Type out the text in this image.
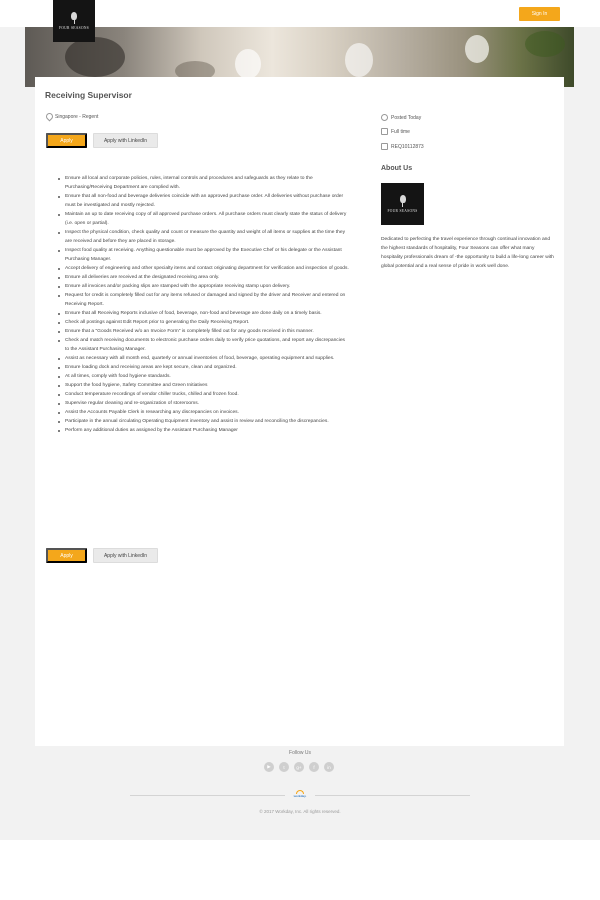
FOUR SEASONS
Sign In
Receiving Supervisor
Singapore - Regent
Apply	Apply with LinkedIn
Ensure all local and corporate policies, rules, internal controls and procedures and safeguards as they relate to the Purchasing/Receiving Department are complied with.
Ensure that all non-food and beverage deliveries coincide with an approved purchase order. All deliveries without purchase order must be investigated and mostly rejected.
Maintain an up to date receiving copy of all approved purchase orders. All purchase orders must clearly state the status of delivery (i.e. open or partial).
Inspect the physical condition, check quality and count or measure the quantity and weight of all items or supplies at the time they are received and before they are placed in storage.
Inspect food quality at receiving. Anything questionable must be approved by the Executive Chef or his delegate or the Assistant Purchasing Manager.
Accept delivery of engineering and other specialty items and contact originating department for verification and inspection of goods.
Ensure all deliveries are received at the designated receiving area only.
Ensure all invoices and/or packing slips are stamped with the appropriate receiving stamp upon delivery.
Request for credit is completely filled out for any items refused or damaged and signed by the driver and Receiver and entered on Receiving Report.
Ensure that all Receiving Reports inclusive of food, beverage, non-food and beverage are done daily on a timely basis.
Check all postings against Edit Report prior to generating the Daily Receiving Report.
Ensure that a "Goods Received w/o an Invoice Form" is completely filled out for any goods received in this manner.
Check and match receiving documents to electronic purchase orders daily to verify price quotations, and report any discrepancies to the Assistant Purchasing Manager.
Assist as necessary with all month end, quarterly or annual inventories of food, beverage, operating equipment and supplies.
Ensure loading dock and receiving areas are kept secure, clean and organized.
At all times, comply with food hygiene standards.
Support the food hygiene, Safety Committee and Green Initiatives
Conduct temperature recordings of vendor chiller trucks, chilled and frozen food.
Supervise regular cleaning and re-organization of storerooms.
Assist the Accounts Payable Clerk in researching any discrepancies on invoices.
Participate in the annual circulating Operating Equipment inventory and assist in review and reconciling the discrepancies.
Perform any additional duties as assigned by the Assistant Purchasing Manager
Apply	Apply with LinkedIn
Posted Today
Full time
REQ10112873
About Us
FOUR SEASONS

Dedicated to perfecting the travel experience through continual innovation and the highest standards of hospitality, Four Seasons can offer what many hospitality professionals dream of -the opportunity to build a life-long career with global potential and a real sense of pride in work well done.

Follow Us
▶	t	g+	f	in
workday.
© 2017 Workday, Inc. All rights reserved.
